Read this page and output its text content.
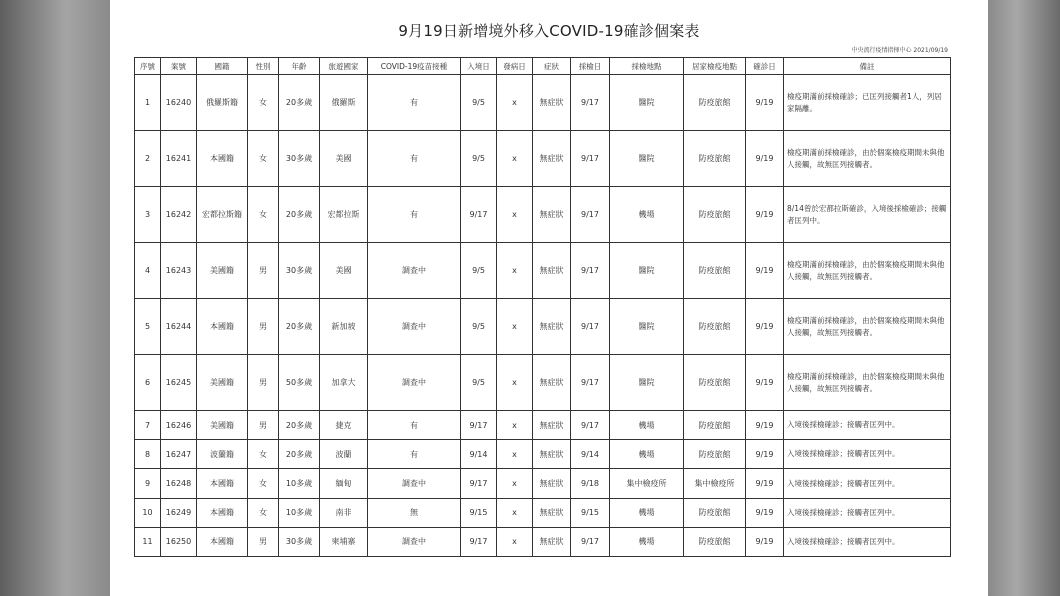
9月19日新增境外移入COVID-19確診個案表
中央流行疫情指揮中心 2021/09/19
序號	案號	國籍	性別	年齡	旅遊國家	COVID-19疫苗接種	入境日	發病日	症狀	採檢日	採檢地點	居家檢疫地點	確診日	備註
1	16240	俄羅斯籍	女	20多歲	俄羅斯	有	9/5	x	無症狀	9/17	醫院	防疫旅館	9/19	檢疫期滿前採檢確診；已匡列接觸者1人，列居家隔離。
2	16241	本國籍	女	30多歲	美國	有	9/5	x	無症狀	9/17	醫院	防疫旅館	9/19	檢疫期滿前採檢確診，由於個案檢疫期間未與他人接觸，故無匡列接觸者。
3	16242	宏都拉斯籍	女	20多歲	宏都拉斯	有	9/17	x	無症狀	9/17	機場	防疫旅館	9/19	8/14曾於宏都拉斯確診，入境後採檢確診；接觸者匡列中。
4	16243	美國籍	男	30多歲	美國	調查中	9/5	x	無症狀	9/17	醫院	防疫旅館	9/19	檢疫期滿前採檢確診，由於個案檢疫期間未與他人接觸，故無匡列接觸者。
5	16244	本國籍	男	20多歲	新加坡	調查中	9/5	x	無症狀	9/17	醫院	防疫旅館	9/19	檢疫期滿前採檢確診，由於個案檢疫期間未與他人接觸，故無匡列接觸者。
6	16245	美國籍	男	50多歲	加拿大	調查中	9/5	x	無症狀	9/17	醫院	防疫旅館	9/19	檢疫期滿前採檢確診，由於個案檢疫期間未與他人接觸，故無匡列接觸者。
7	16246	美國籍	男	20多歲	捷克	有	9/17	x	無症狀	9/17	機場	防疫旅館	9/19	入境後採檢確診；接觸者匡列中。
8	16247	波蘭籍	女	20多歲	波蘭	有	9/14	x	無症狀	9/14	機場	防疫旅館	9/19	入境後採檢確診；接觸者匡列中。
9	16248	本國籍	女	10多歲	緬甸	調查中	9/17	x	無症狀	9/18	集中檢疫所	集中檢疫所	9/19	入境後採檢確診；接觸者匡列中。
10	16249	本國籍	女	10多歲	南非	無	9/15	x	無症狀	9/15	機場	防疫旅館	9/19	入境後採檢確診；接觸者匡列中。
11	16250	本國籍	男	30多歲	柬埔寨	調查中	9/17	x	無症狀	9/17	機場	防疫旅館	9/19	入境後採檢確診；接觸者匡列中。
